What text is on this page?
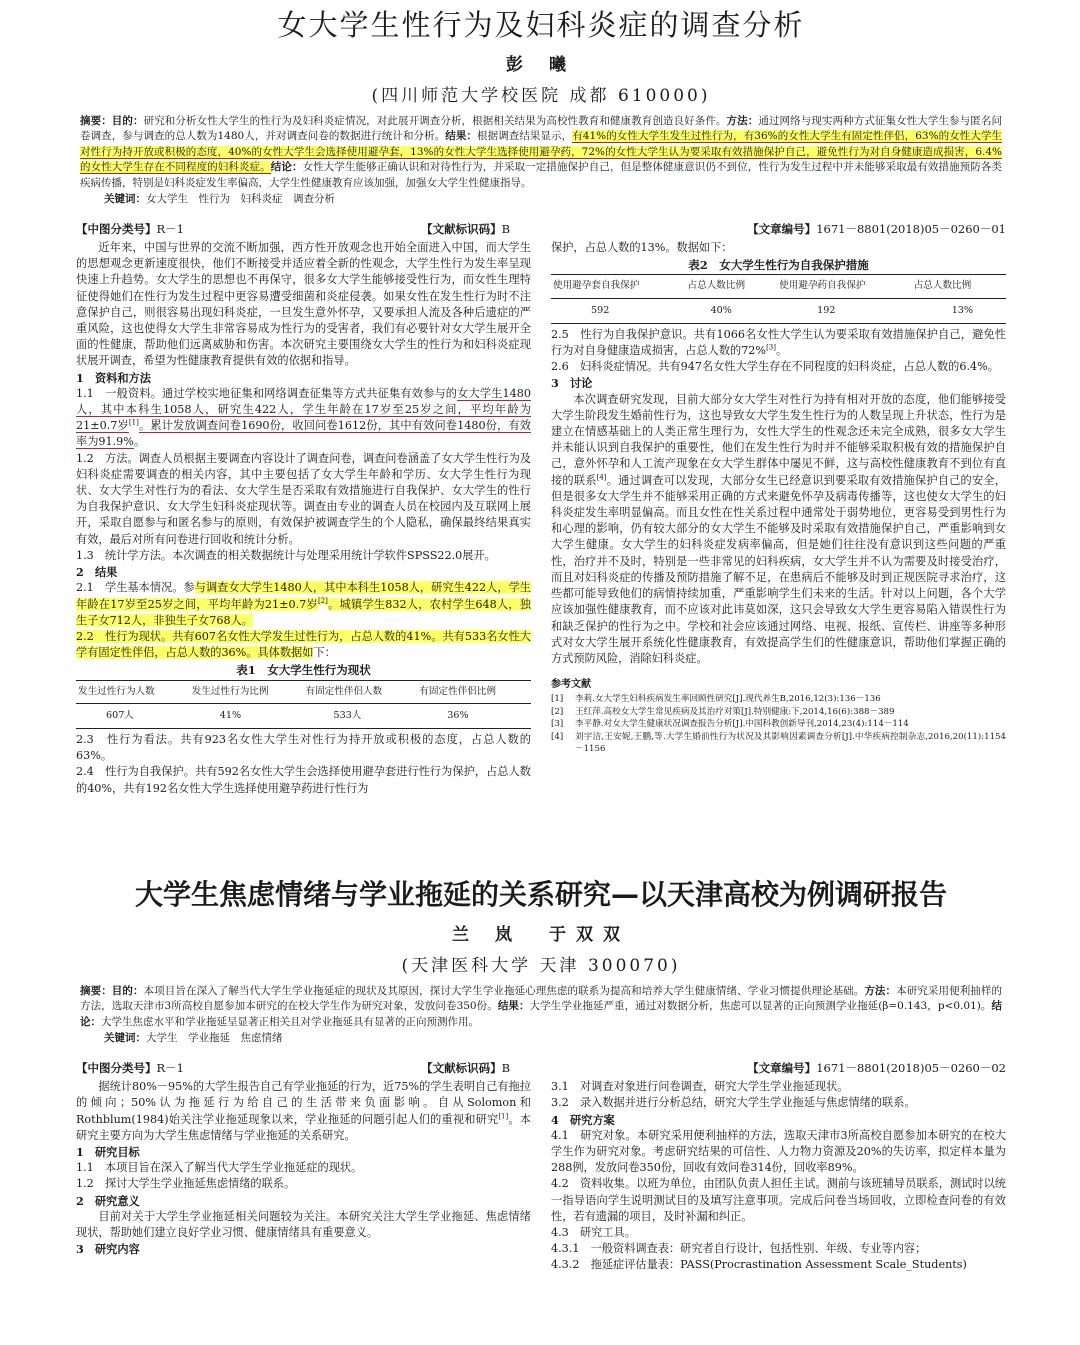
女大学生性行为及妇科炎症的调查分析
彭 曦
(四川师范大学校医院 成都 610000)
摘要：目的：研究和分析女性大学生的性行为及妇科炎症情况，对此展开调查分析，根据相关结果为高校性教育和健康教育创造良好条件。方法：通过网络与现实两种方式征集女性大学生参与匿名问卷调查，参与调查的总人数为1480人，并对调查问卷的数据进行统计和分析。结果：根据调查结果显示，有41%的女性大学生发生过性行为，有36%的女性大学生有固定性伴侣，63%的女性大学生对性行为持开放或积极的态度，40%的女性大学生会选择使用避孕套，13%的女性大学生选择使用避孕药，72%的女性大学生认为要采取有效措施保护自己，避免性行为对自身健康造成损害，6.4%的女性大学生存在不同程度的妇科炎症。结论：女性大学生能够正确认识和对待性行为，并采取一定措施保护自己，但是整体健康意识仍不到位，性行为发生过程中并未能够采取最有效措施预防各类疾病传播，特别是妇科炎症发生率偏高，大学生性健康教育应该加强，加强女大学生性健康指导。
关键词：女大学生　性行为　妇科炎症　调查分析
【中图分类号】R－1	【文献标识码】B	【文章编号】1671－8801(2018)05－0260－01

近年来，中国与世界的交流不断加强，西方性开放观念也开始全面进入中国，而大学生的思想观念更新速度很快，他们不断接受并适应着全新的性观念，大学生性行为发生率呈现快速上升趋势。女大学生的思想也不再保守，很多女大学生能够接受性行为，而女性生理特征使得她们在性行为发生过程中更容易遭受细菌和炎症侵袭。如果女性在发生性行为时不注意保护自己，则很容易出现妇科炎症，一旦发生意外怀孕，又要承担人流及各种后遗症的严重风险，这也使得女大学生非常容易成为性行为的受害者，我们有必要针对女大学生展开全面的性健康，帮助他们远离威胁和伤害。本次研究主要围绕女大学生的性行为和妇科炎症现状展开调查，希望为性健康教育提供有效的依据和指导。

1　资料和方法

1.1　一般资料。通过学校实地征集和网络调查征集等方式共征集有效参与的女大学生1480人，其中本科生1058人，研究生422人，学生年龄在17岁至25岁之间，平均年龄为21±0.7岁[1]。累计发放调查问卷1690份，收回问卷1612份，其中有效问卷1480份，有效率为91.9%。

1.2　方法。调查人员根据主要调查内容设计了调查问卷，调查问卷涵盖了女大学生性行为及妇科炎症需要调查的相关内容，其中主要包括了女大学生年龄和学历、女大学生性行为现状、女大学生对性行为的看法、女大学生是否采取有效措施进行自我保护、女大学生的性行为自我保护意识、女大学生妇科炎症现状等。调查由专业的调查人员在校园内及互联网上展开，采取自愿参与和匿名参与的原则，有效保护被调查学生的个人隐私，确保最终结果真实有效，最后对所有问卷进行回收和统计分析。

1.3　统计学方法。本次调查的相关数据统计与处理采用统计学软件SPSS22.0展开。

2　结果

2.1　学生基本情况。参与调查女大学生1480人，其中本科生1058人，研究生422人，学生年龄在17岁至25岁之间，平均年龄为21±0.7岁[2]。城镇学生832人，农村学生648人，独生子女712人，非独生子女768人。

2.2　性行为现状。共有607名女性大学发生过性行为，占总人数的41%。共有533名女性大学有固定性伴侣，占总人数的36%。具体数据如下：

表1　女大学生性行为现状
发生过性行为人数	发生过性行为比例	有固定性伴侣人数	有固定性伴侣比例
607人	41%	533人	36%

2.3　性行为看法。共有923名女性大学生对性行为持开放或积极的态度，占总人数的63%。

2.4　性行为自我保护。共有592名女性大学生会选择使用避孕套进行性行为保护，占总人数的40%，共有192名女性大学生选择使用避孕药进行性行为

保护，占总人数的13%。数据如下：

表2　女大学生性行为自我保护措施
使用避孕套自我保护	占总人数比例	使用避孕药自我保护	占总人数比例
592	40%	192	13%

2.5　性行为自我保护意识。共有1066名女性大学生认为要采取有效措施保护自己，避免性行为对自身健康造成损害，占总人数的72%[3]。

2.6　妇科炎症情况。共有947名女性大学生存在不同程度的妇科炎症，占总人数的6.4%。

3　讨论

本次调查研究发现，目前大部分女大学生对性行为持有相对开放的态度，他们能够接受大学生阶段发生婚前性行为，这也导致女大学生发生性行为的人数呈现上升状态，性行为是建立在情感基础上的人类正常生理行为，女性大学生的性观念还未完全成熟，很多女大学生并未能认识到自我保护的重要性，他们在发生性行为时并不能够采取积极有效的措施保护自己，意外怀孕和人工流产现象在女大学生群体中屡见不鲜，这与高校性健康教育不到位有直接的联系[4]。通过调查可以发现，大部分女生已经意识到要采取有效措施保护自己的安全，但是很多女大学生并不能够采用正确的方式来避免怀孕及病毒传播等，这也使女大学生的妇科炎症发生率明显偏高。而且女性在性关系过程中通常处于弱势地位，更容易受到男性行为和心理的影响，仍有较大部分的女大学生不能够及时采取有效措施保护自己，严重影响到女大学生健康。女大学生的妇科炎症发病率偏高，但是她们往往没有意识到这些问题的严重性，治疗并不及时，特别是一些非常见的妇科疾病，女大学生并不认为需要及时接受治疗，而且对妇科炎症的传播及预防措施了解不足，在患病后不能够及时到正规医院寻求治疗，这些都可能导致他们的病情持续加重，严重影响学生们未来的生活。针对以上问题，各个大学应该加强性健康教育，而不应该对此讳莫如深，这只会导致女大学生更容易陷入错误性行为和缺乏保护的性行为之中。学校和社会应该通过网络、电视、报纸、宣传栏、讲座等多种形式对女大学生展开系统化性健康教育，有效提高学生们的性健康意识，帮助他们掌握正确的方式预防风险，消除妇科炎症。

参考文献
[1]	李莉.女大学生妇科疾病发生率回顾性研究[J].现代养生B,2016,12(3):136－136
[2]	王红萍.高校女大学生常见疾病及其治疗对策[J].特别健康:下,2014,16(6):388－389
[3]	李平静.对女大学生健康状况调查报告分析[J].中国科教创新导刊,2014,23(4):114－114
[4]	刘宇洁,王安妮,王鹏,等.大学生婚前性行为状况及其影响因素调查分析[J].中华疾病控制杂志,2016,20(11):1154－1156
大学生焦虑情绪与学业拖延的关系研究—以天津高校为例调研报告
兰 岚　于双双
(天津医科大学 天津 300070)
摘要：目的：本项目旨在深入了解当代大学生学业拖延症的现状及其原因，探讨大学生学业拖延心理焦虑的联系为提高和培养大学生健康情绪、学业习惯提供理论基础。方法：本研究采用便利抽样的方法，选取天津市3所高校自愿参加本研究的在校大学生作为研究对象，发放问卷350份。结果：大学生学业拖延严重，通过对数据分析，焦虑可以显著的正向预测学业拖延(β=0.143，p<0.01)。结论：大学生焦虑水平和学业拖延呈显著正相关且对学业拖延具有显著的正向预测作用。
关键词：大学生　学业拖延　焦虑情绪
【中图分类号】R－1	【文献标识码】B	【文章编号】1671－8801(2018)05－0260－02

据统计80%－95%的大学生报告自己有学业拖延的行为，近75%的学生表明自己有拖拉的倾向；50%认为拖延行为给自己的生活带来负面影响。自从Solomon和Rothblum(1984)始关注学业拖延现象以来，学业拖延的问题引起人们的重视和研究[1]。本研究主要方向为大学生焦虑情绪与学业拖延的关系研究。

1　研究目标

1.1　本项目旨在深入了解当代大学生学业拖延症的现状。

1.2　探讨大学生学业拖延焦虑情绪的联系。

2　研究意义

目前对关于大学生学业拖延相关问题较为关注。本研究关注大学生学业拖延、焦虑情绪现状，帮助她们建立良好学业习惯、健康情绪具有重要意义。

3　研究内容

3.1　对调查对象进行问卷调查，研究大学生学业拖延现状。

3.2　录入数据并进行分析总结，研究大学生学业拖延与焦虑情绪的联系。

4　研究方案

4.1　研究对象。本研究采用便利抽样的方法，选取天津市3所高校自愿参加本研究的在校大学生作为研究对象。考虑研究结果的可信性、人力物力资源及20%的失访率，拟定样本量为288例，发放问卷350份，回收有效问卷314份，回收率89%。

4.2　资料收集。以班为单位，由团队负责人担任主试。测前与该班辅导员联系，测试时以统一指导语向学生说明测试目的及填写注意事项。完成后问卷当场回收，立即检查问卷的有效性，若有遗漏的项目，及时补漏和纠正。

4.3　研究工具。

4.3.1　一般资料调查表：研究者自行设计，包括性别、年级、专业等内容；

4.3.2　拖延症评估量表：PASS(Procrastination Assessment Scale_Students)
